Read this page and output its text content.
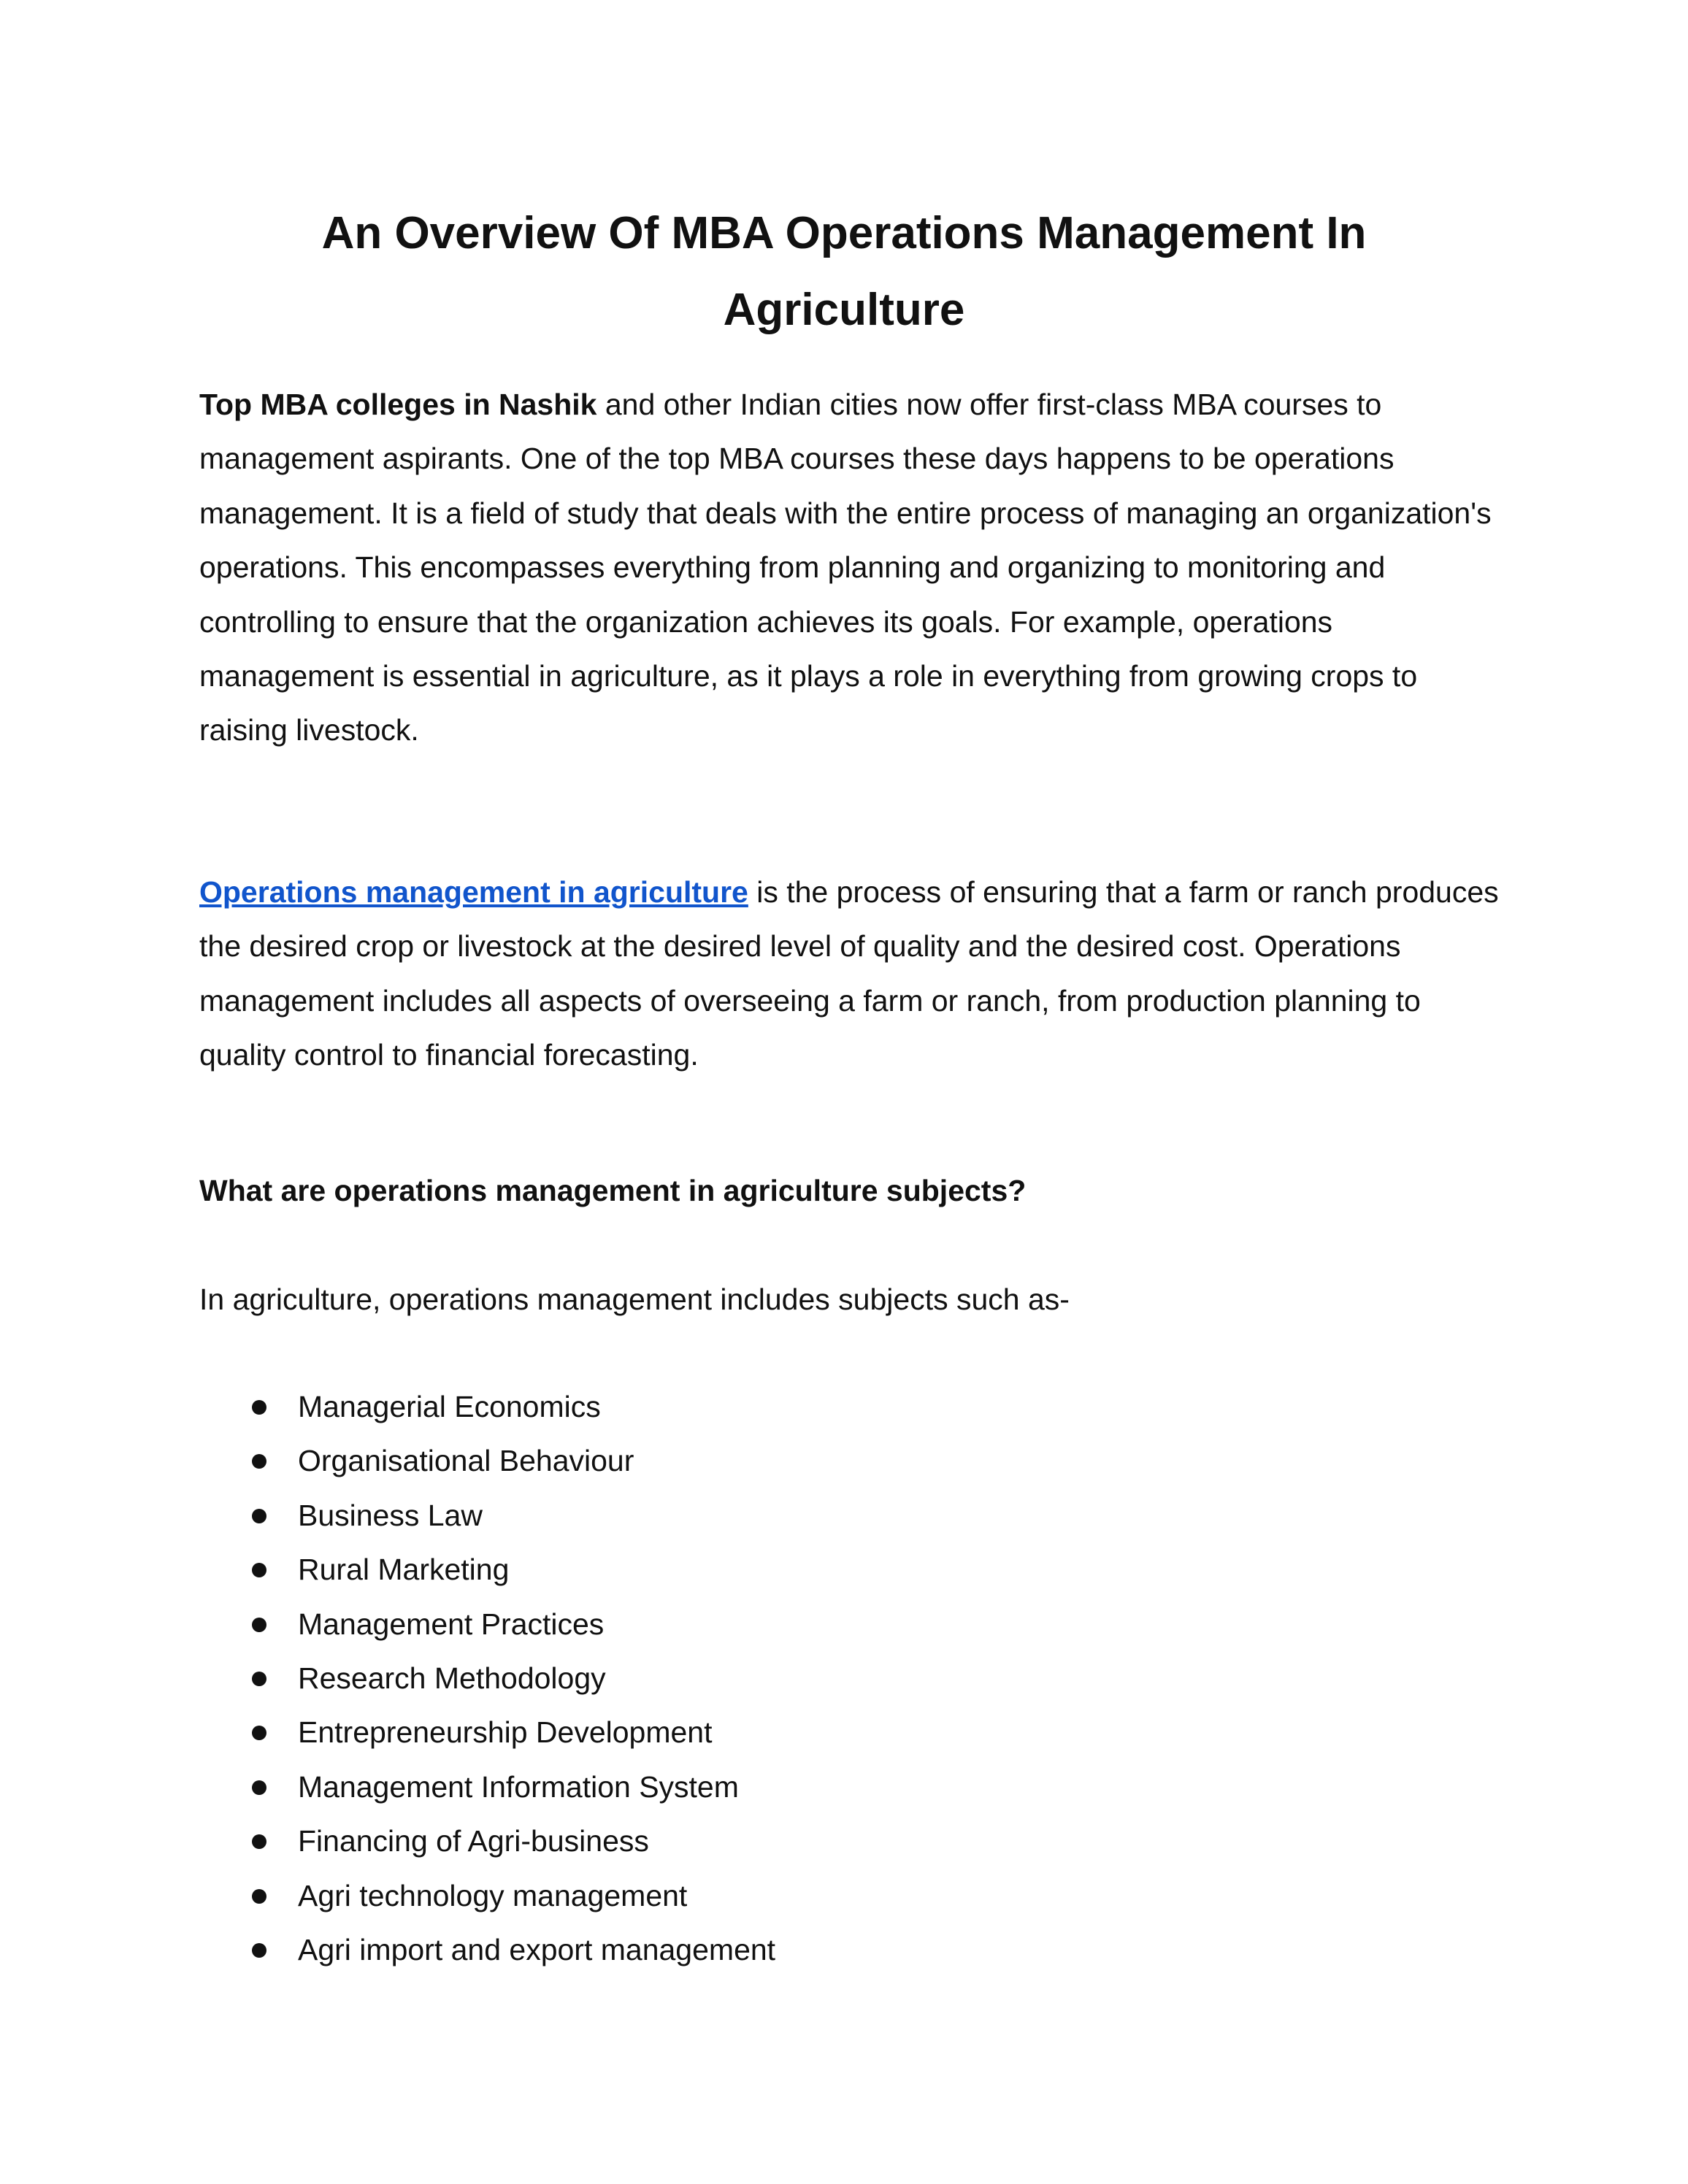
An Overview Of MBA Operations Management In
Agriculture

Top MBA colleges in Nashik and other Indian cities now offer first-class MBA courses to management aspirants. One of the top MBA courses these days happens to be operations management. It is a field of study that deals with the entire process of managing an organization's operations. This encompasses everything from planning and organizing to monitoring and controlling to ensure that the organization achieves its goals. For example, operations management is essential in agriculture, as it plays a role in everything from growing crops to raising livestock.

Operations management in agriculture is the process of ensuring that a farm or ranch produces the desired crop or livestock at the desired level of quality and the desired cost. Operations management includes all aspects of overseeing a farm or ranch, from production planning to quality control to financial forecasting.

What are operations management in agriculture subjects?

In agriculture, operations management includes subjects such as-

Managerial Economics
Organisational Behaviour
Business Law
Rural Marketing
Management Practices
Research Methodology
Entrepreneurship Development
Management Information System
Financing of Agri-business
Agri technology management
Agri import and export management
